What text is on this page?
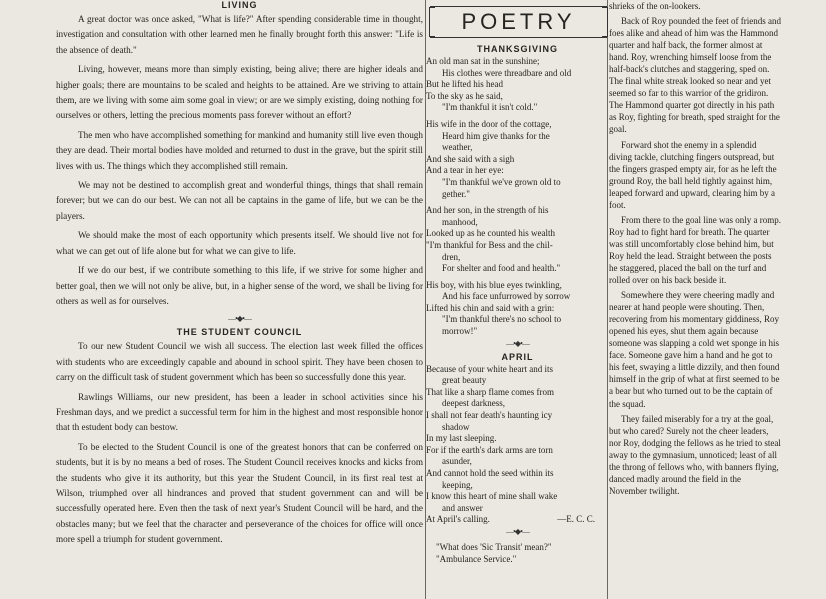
LIVING

A great doctor was once asked, "What is life?" After spending considerable time in thought, investigation and consultation with other learned men he finally brought forth this answer: "Life is the absence of death."

Living, however, means more than simply existing, being alive; there are higher ideals and higher goals; there are mountains to be scaled and heights to be attained. Are we striving to attain them, are we living with some aim some goal in view; or are we simply existing, doing nothing for ourselves or others, letting the precious moments pass forever without an effort?

The men who have accomplished something for mankind and humanity still live even though they are dead. Their mortal bodies have molded and returned to dust in the grave, but the spirit still lives with us. The things which they accomplished still remain.

We may not be destined to accomplish great and wonderful things, things that shall remain forever; but we can do our best. We can not all be captains in the game of life, but we can be the players.

We should make the most of each opportunity which presents itself. We should live not for what we can get out of life alone but for what we can give to life.

If we do our best, if we contribute something to this life, if we strive for some higher and better goal, then we will not only be alive, but, in a higher sense of the word, we shall be living for others as well as for ourselves.

—•◆•—
THE STUDENT COUNCIL

To our new Student Council we wish all success. The election last week filled the offices with students who are exceedingly capable and abound in school spirit. They have been chosen to carry on the difficult task of student government which has been so successfully done this year.

Rawlings Williams, our new president, has been a leader in school activities since his Freshman days, and we predict a successful term for him in the highest and most responsible honor that th estudent body can bestow.

To be elected to the Student Council is one of the greatest honors that can be conferred on students, but it is by no means a bed of roses. The Student Council receives knocks and kicks from the students who give it its authority, but this year the Student Council, in its first real test at Wilson, triumphed over all hindrances and proved that student government can and will be successfully operated here. Even then the task of next year's Student Council will be hard, and the obstacles many; but we feel that the character and perseverance of the choices for office will once more spell a triumph for student government.

POETRY
THANKSGIVING
An old man sat in the sunshine;
His clothes were threadbare and old
But he lifted his head
To the sky as he said,
"I'm thankful it isn't cold."
His wife in the door of the cottage,
Heard him give thanks for the
weather,
And she said with a sigh
And a tear in her eye:
"I'm thankful we've grown old to
gether."
And her son, in the strength of his
manhood,
Looked up as he counted his wealth
"I'm thankful for Bess and the chil-
dren,
For shelter and food and health."
His boy, with his blue eyes twinkling,
And his face unfurrowed by sorrow
Lifted his chin and said with a grin:
"I'm thankful there's no school to
morrow!"
—•◆•—
APRIL
Because of your white heart and its
great beauty
That like a sharp flame comes from
deepest darkness,
I shall not fear death's haunting icy
shadow
In my last sleeping.
For if the earth's dark arms are torn
asunder,
And cannot hold the seed within its
keeping,
I know this heart of mine shall wake
and answer
At April's calling.	—E. C. C.
—•◆•—
"What does 'Sic Transit' mean?"
"Ambulance Service."

shrieks of the on-lookers.

Back of Roy pounded the feet of friends and foes alike and ahead of him was the Hammond quarter and half back, the former almost at hand. Roy, wrenching himself loose from the half-back's clutches and staggering, sped on. The final white streak looked so near and yet seemed so far to this warrior of the gridiron. The Hammond quarter got directly in his path as Roy, fighting for breath, sped straight for the goal.

Forward shot the enemy in a splendid diving tackle, clutching fingers outspread, but the fingers grasped empty air, for as he left the ground Roy, the ball held tightly against him, leaped forward and upward, clearing him by a foot.

From there to the goal line was only a romp. Roy had to fight hard for breath. The quarter was still uncomfortably close behind him, but Roy held the lead. Straight between the posts he staggered, placed the ball on the turf and rolled over on his back beside it.

Somewhere they were cheering madly and nearer at hand people were shouting. Then, recovering from his momentary giddiness, Roy opened his eyes, shut them again because someone was slapping a cold wet sponge in his face. Someone gave him a hand and he got to his feet, swaying a little dizzily, and then found himself in the grip of what at first seemed to be a bear but who turned out to be the captain of the squad.

They failed miserably for a try at the goal, but who cared? Surely not the cheer leaders, nor Roy, dodging the fellows as he tried to steal away to the gymnasium, unnoticed; least of all the throng of fellows who, with banners flying, danced madly around the field in the November twilight.
